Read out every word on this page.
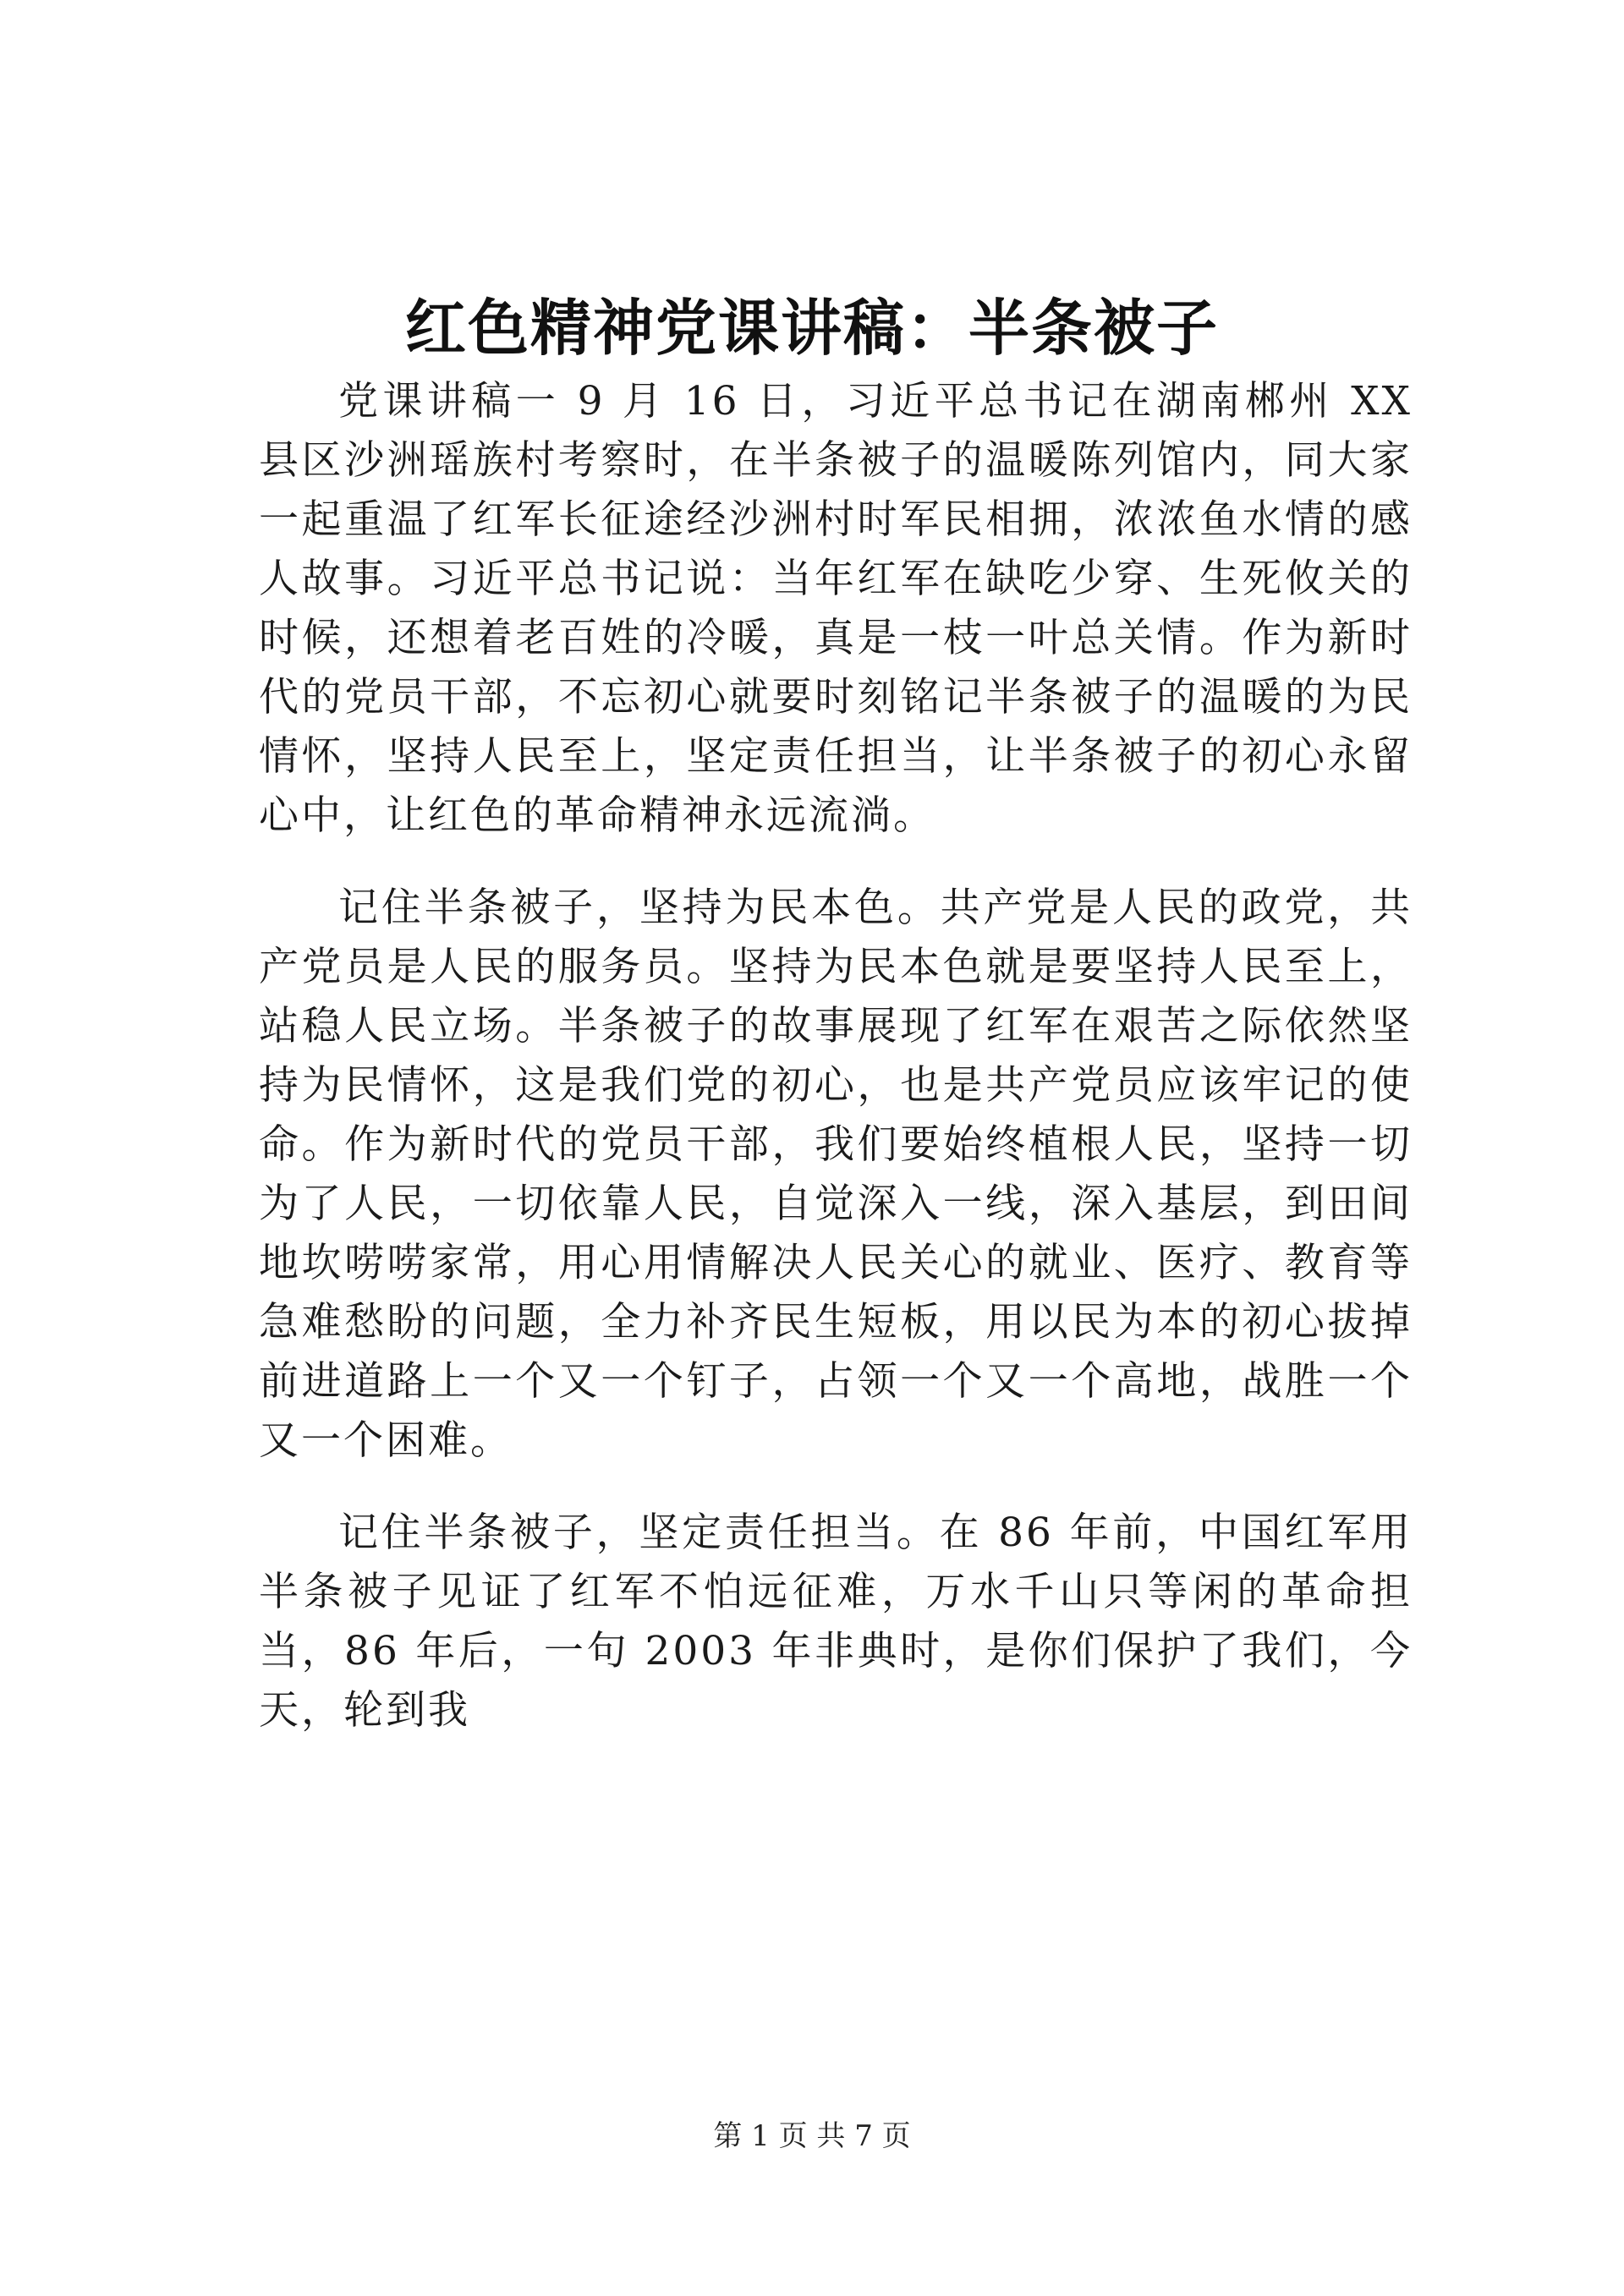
红色精神党课讲稿：半条被子

党课讲稿一 9 月 16 日，习近平总书记在湖南郴州 XX 县区沙洲瑶族村考察时，在半条被子的温暖陈列馆内，同大家一起重温了红军长征途经沙洲村时军民相拥，浓浓鱼水情的感人故事。习近平总书记说：当年红军在缺吃少穿、生死攸关的时候，还想着老百姓的冷暖，真是一枝一叶总关情。作为新时代的党员干部，不忘初心就要时刻铭记半条被子的温暖的为民情怀，坚持人民至上，坚定责任担当，让半条被子的初心永留心中，让红色的革命精神永远流淌。

记住半条被子，坚持为民本色。共产党是人民的政党，共产党员是人民的服务员。坚持为民本色就是要坚持人民至上，站稳人民立场。半条被子的故事展现了红军在艰苦之际依然坚持为民情怀，这是我们党的初心，也是共产党员应该牢记的使命。作为新时代的党员干部，我们要始终植根人民，坚持一切为了人民，一切依靠人民，自觉深入一线，深入基层，到田间地坎唠唠家常，用心用情解决人民关心的就业、医疗、教育等急难愁盼的问题，全力补齐民生短板，用以民为本的初心拔掉前进道路上一个又一个钉子，占领一个又一个高地，战胜一个又一个困难。

记住半条被子，坚定责任担当。在 86 年前，中国红军用半条被子见证了红军不怕远征难，万水千山只等闲的革命担当，86 年后，一句 2003 年非典时，是你们保护了我们，今天，轮到我

第 1 页 共 7 页
